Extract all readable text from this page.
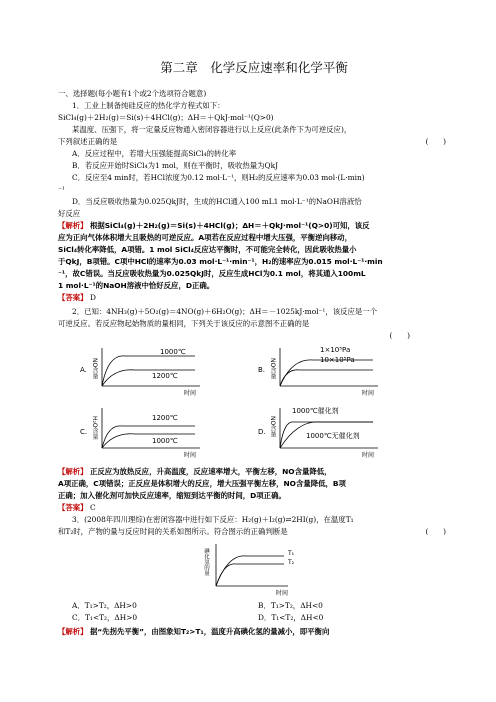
第二章　化学反应速率和化学平衡
一、选择题(每小题有1个或2个选项符合题意)
1．工业上制备纯硅反应的热化学方程式如下：
SiCl₄(g)＋2H₂(g)＝Si(s)＋4HCl(g)；ΔH＝＋QkJ·mol⁻¹(Q>0)
某温度、压强下，将一定量反应物通入密闭容器进行以上反应(此条件下为可逆反应)，
下列叙述正确的是	(　　)
A．反应过程中，若增大压强能提高SiCl₄的转化率
B．若反应开始时SiCl₄为1 mol，则在平衡时，吸收热量为QkJ
C．反应至4 min时，若HCl浓度为0.12 mol·L⁻¹，则H₂的反应速率为0.03 mol·(L·min)
⁻¹
D．当反应吸收热量为0.025QkJ时，生成的HCl通入100 mL1 mol·L⁻¹的NaOH溶液恰
好反应
【解析】 根据SiCl₄(g)＋2H₂(g)＝Si(s)＋4HCl(g)；ΔH＝＋QkJ·mol⁻¹(Q>0)可知，该反
应为正向气体体积增大且吸热的可逆反应。A项若在反应过程中增大压强，平衡逆向移动，
SiCl₄转化率降低，A项错。1 mol SiCl₄反应达平衡时，不可能完全转化，因此吸收热量小
于QkJ，B项错。C项中HCl的速率为0.03 mol·L⁻¹·min⁻¹，H₂的速率应为0.015 mol·L⁻¹·min
⁻¹，故C错误。当反应吸收热量为0.025QkJ时，反应生成HCl为0.1 mol，将其通入100mL
1 mol·L⁻¹的NaOH溶液中恰好反应，D正确。
【答案】 D
2．已知：4NH₃(g)＋5O₂(g)＝4NO(g)＋6H₂O(g)；ΔH＝－1025kJ·mol⁻¹，该反应是一个
可逆反应。若反应物起始物质的量相同，下列关于该反应的示意图不正确的是
(　　)
A. NO含量
1000℃
1200℃
时间
B. NO含量
1×10⁵Pa
10×10⁵Pa
时间
C. H₂O含量	1200℃
1000℃
时间
D. NO含量
1000℃催化剂
1000℃无催化剂
时间
【解析】 正反应为放热反应，升高温度，反应速率增大，平衡左移，NO含量降低，
A项正确，C项错误；正反应是体积增大的反应，增大压强平衡左移，NO含量降低，B项
正确；加入催化剂可加快反应速率，缩短到达平衡的时间，D项正确。
【答案】 C
3．(2008年四川理综)在密闭容器中进行如下反应：H₂(g)＋I₂(g)⇌2HI(g)，在温度T₁
和T₂时，产物的量与反应时间的关系如图所示。符合图示的正确判断是	(　　)
碘化氢的量	T₁
T₂
时间
A．T₁>T₂，ΔH>0	B．T₁>T₂，ΔH<0
C．T₁<T₂，ΔH>0	D．T₁<T₂，ΔH<0
【解析】 据“先拐先平衡”，由图象知T₂>T₁，温度升高碘化氢的量减小，即平衡向
